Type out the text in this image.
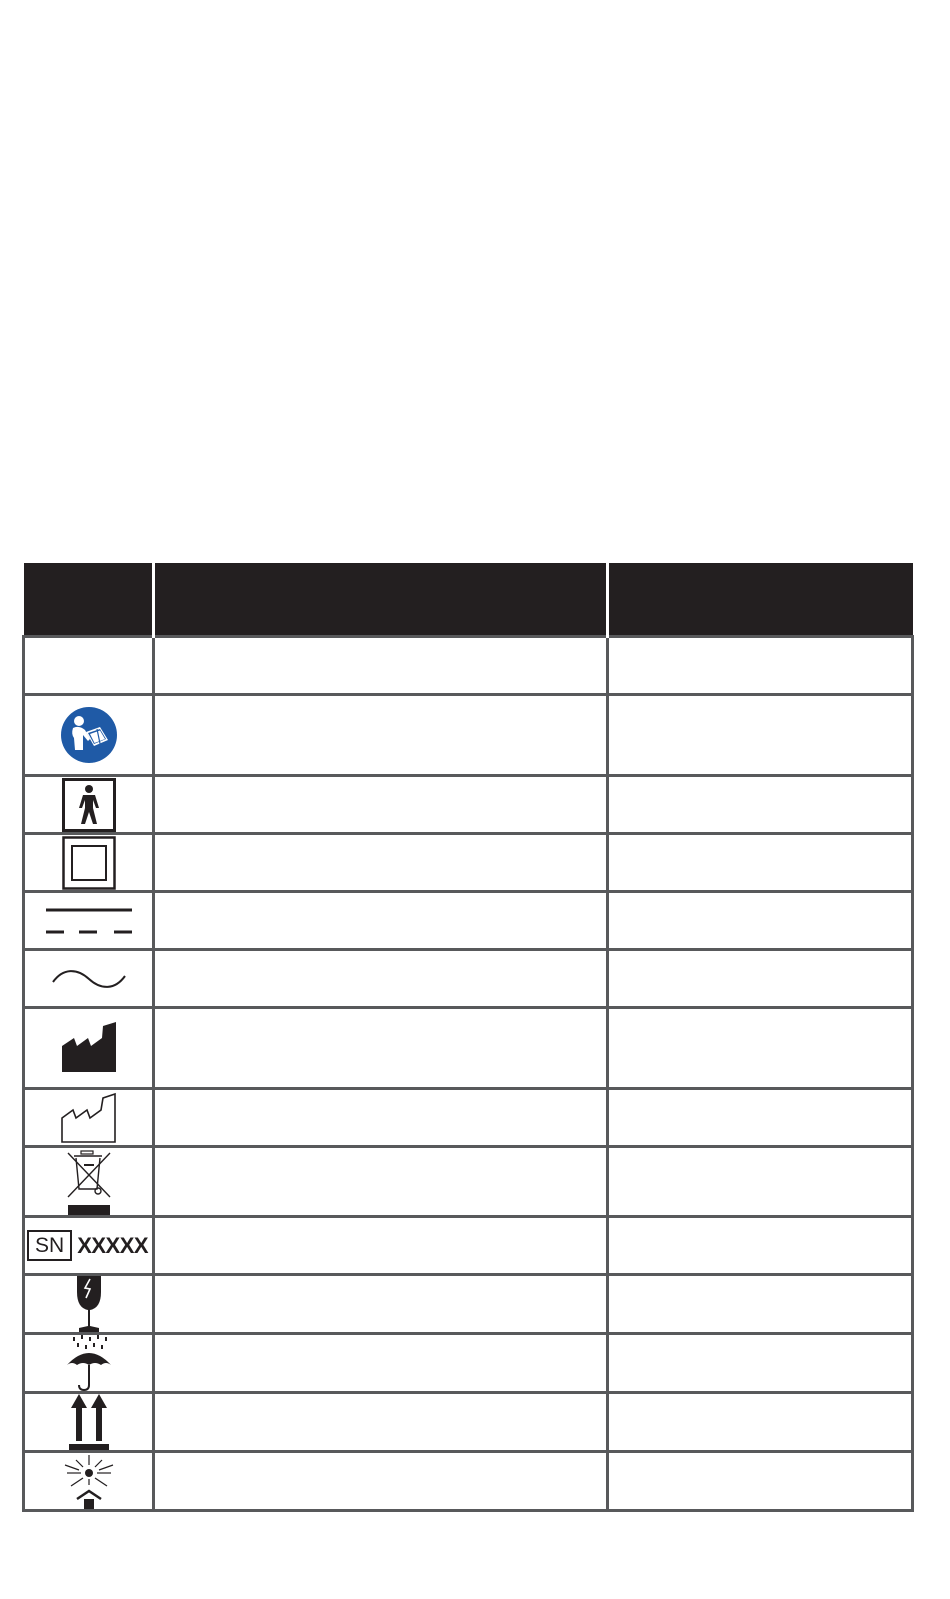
SN XXXXX		
